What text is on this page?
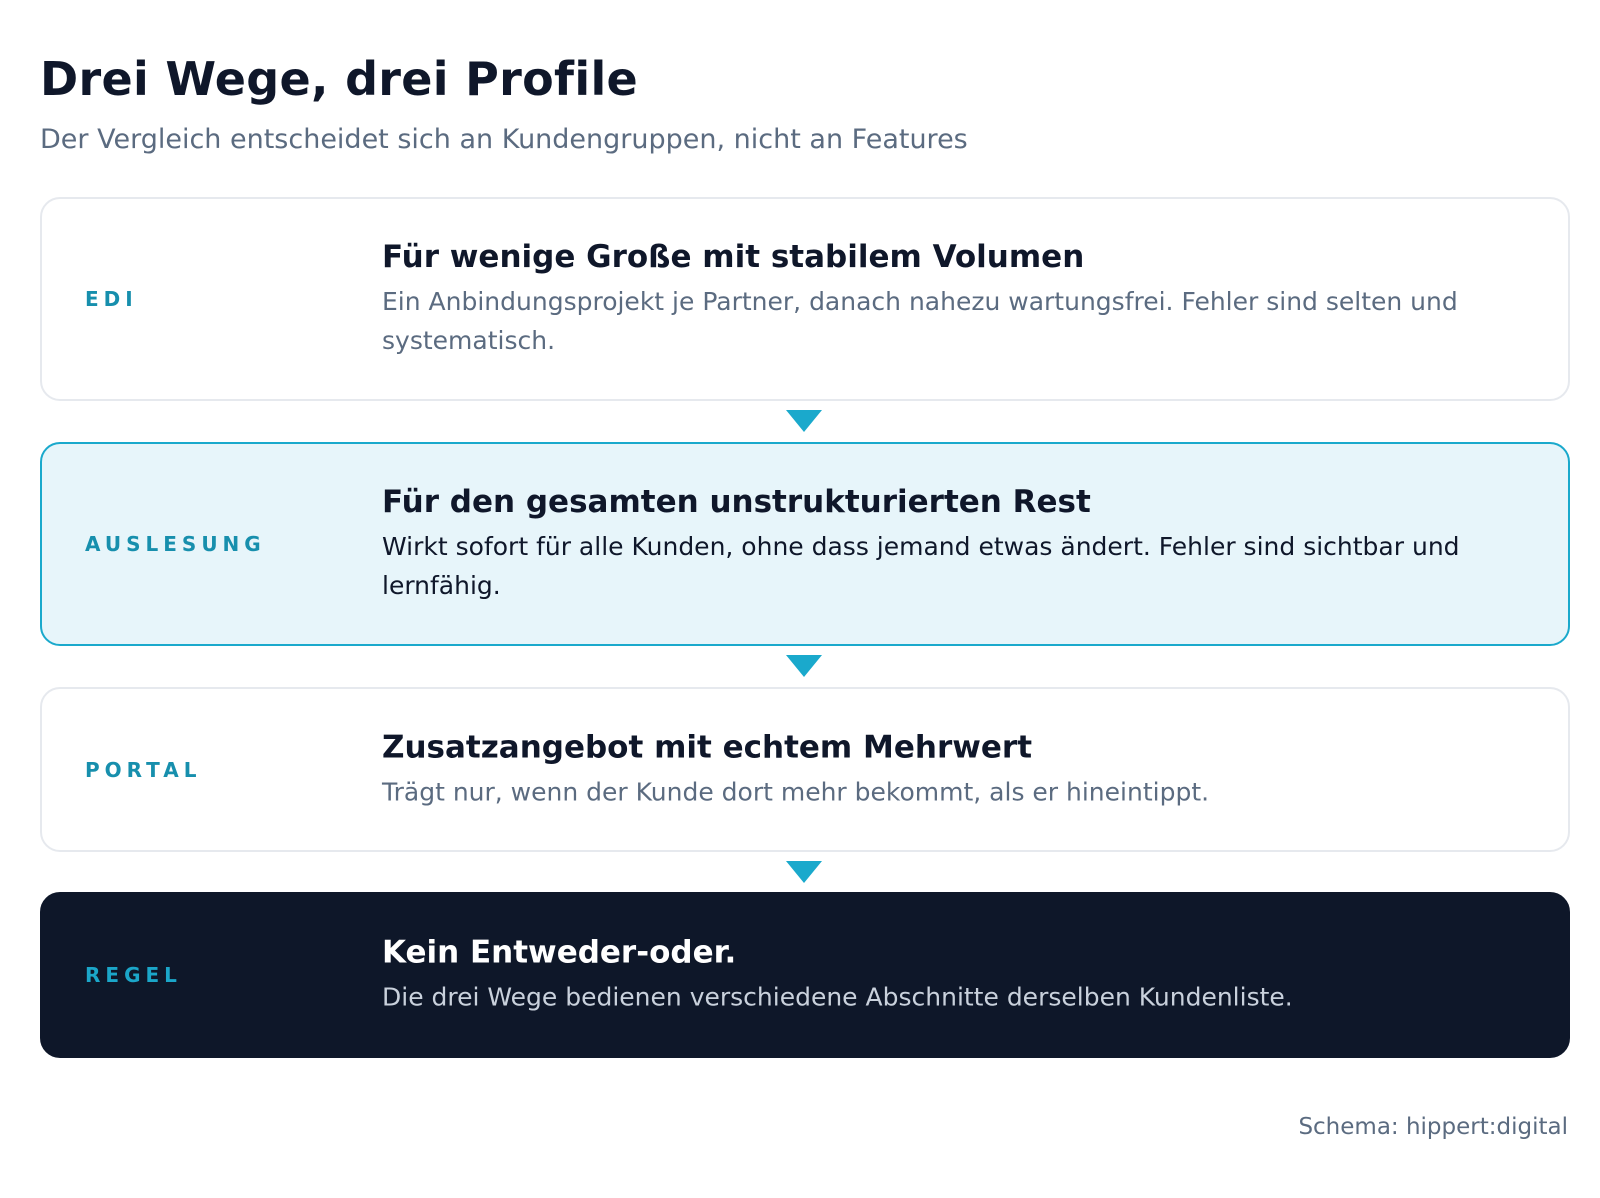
Drei Wege, drei Profile

Der Vergleich entscheidet sich an Kundengruppen, nicht an Features

EDI
Für wenige Große mit stabilem Volumen

Ein Anbindungsprojekt je Partner, danach nahezu wartungsfrei. Fehler sind selten und systematisch.

AUSLESUNG
Für den gesamten unstrukturierten Rest

Wirkt sofort für alle Kunden, ohne dass jemand etwas ändert. Fehler sind sichtbar und lernfähig.

PORTAL
Zusatzangebot mit echtem Mehrwert

Trägt nur, wenn der Kunde dort mehr bekommt, als er hineintippt.

REGEL
Kein Entweder-oder.

Die drei Wege bedienen verschiedene Abschnitte derselben Kundenliste.

Schema: hippert:digital
